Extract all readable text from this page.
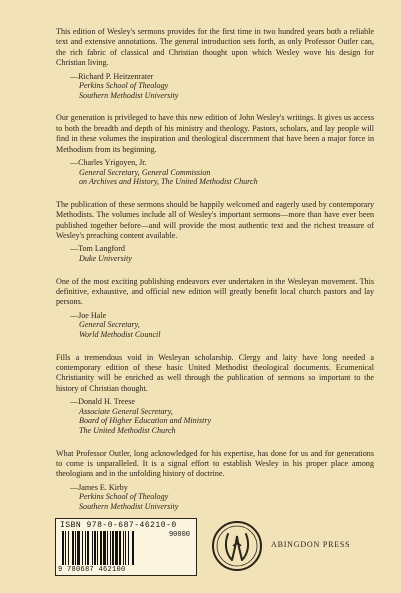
This edition of Wesley's sermons provides for the first time in two hundred years both a reliable text and extensive annotations. The general introduction sets forth, as only Professor Outler can, the rich fabric of classical and Christian thought upon which Wesley wove his design for Christian living.

—Richard P. Heitzenrater
Perkins School of Theology
Southern Methodist University

Our generation is privileged to have this new edition of John Wesley's writings. It gives us access to both the breadth and depth of his ministry and theology. Pastors, scholars, and lay people will find in these volumes the inspiration and theological discernment that have been a major force in Methodism from its beginning.

—Charles Yrigoyen, Jr.
General Secretary, General Commission
on Archives and History, The United Methodist Church

The publication of these sermons should be happily welcomed and eagerly used by contemporary Methodists. The volumes include all of Wesley's important sermons—more than have ever been published together before—and will provide the most authentic text and the richest treasure of Wesley's preaching content available.

—Tom Langford
Duke University

One of the most exciting publishing endeavors ever undertaken in the Wesleyan movement. This definitive, exhaustive, and official new edition will greatly benefit local church pastors and lay persons.

—Joe Hale
General Secretary,
World Methodist Council

Fills a tremendous void in Wesleyan scholarship. Clergy and laity have long needed a contemporary edition of these basic United Methodist theological documents. Ecumenical Christianity will be enriched as well through the publication of sermons so important to the history of Christian thought.

—Donald H. Treese
Associate General Secretary,
Board of Higher Education and Ministry
The United Methodist Church

What Professor Outler, long acknowledged for his expertise, has done for us and for generations to come is unparalleled. It is a signal effort to establish Wesley in his proper place among theologians and in the unfolding history of doctrine.

—James E. Kirby
Perkins School of Theology
Southern Methodist University
ISBN 978-0-687-46210-0
90000
9 780687 462100
ABINGDON PRESS
